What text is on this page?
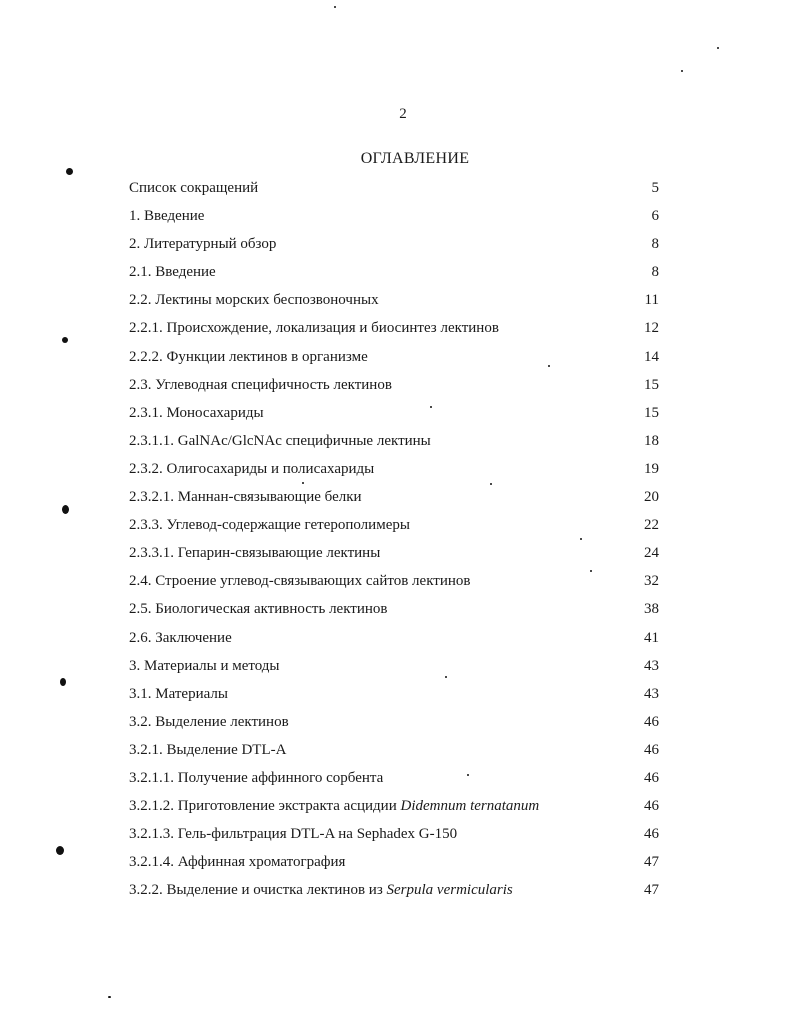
2
ОГЛАВЛЕНИЕ
Список сокращений	5
1. Введение	6
2. Литературный обзор	8
2.1. Введение	8
2.2. Лектины морских беспозвоночных	11
2.2.1. Происхождение, локализация и биосинтез лектинов	12
2.2.2. Функции лектинов в организме	14
2.3. Углеводная специфичность лектинов	15
2.3.1. Моносахариды	15
2.3.1.1. GalNAc/GlcNAc специфичные лектины	18
2.3.2. Олигосахариды и полисахариды	19
2.3.2.1. Маннан-связывающие белки	20
2.3.3. Углевод-содержащие гетерополимеры	22
2.3.3.1. Гепарин-связывающие лектины	24
2.4. Строение углевод-связывающих сайтов лектинов	32
2.5. Биологическая активность лектинов	38
2.6. Заключение	41
3. Материалы и методы	43
3.1. Материалы	43
3.2. Выделение лектинов	46
3.2.1. Выделение DTL-A	46
3.2.1.1. Получение аффинного сорбента	46
3.2.1.2. Приготовление экстракта асцидии Didemnum ternatanum	46
3.2.1.3. Гель-фильтрация DTL-A на Sephadex G-150	46
3.2.1.4. Аффинная хроматография	47
3.2.2. Выделение и очистка лектинов из Serpula vermicularis	47
